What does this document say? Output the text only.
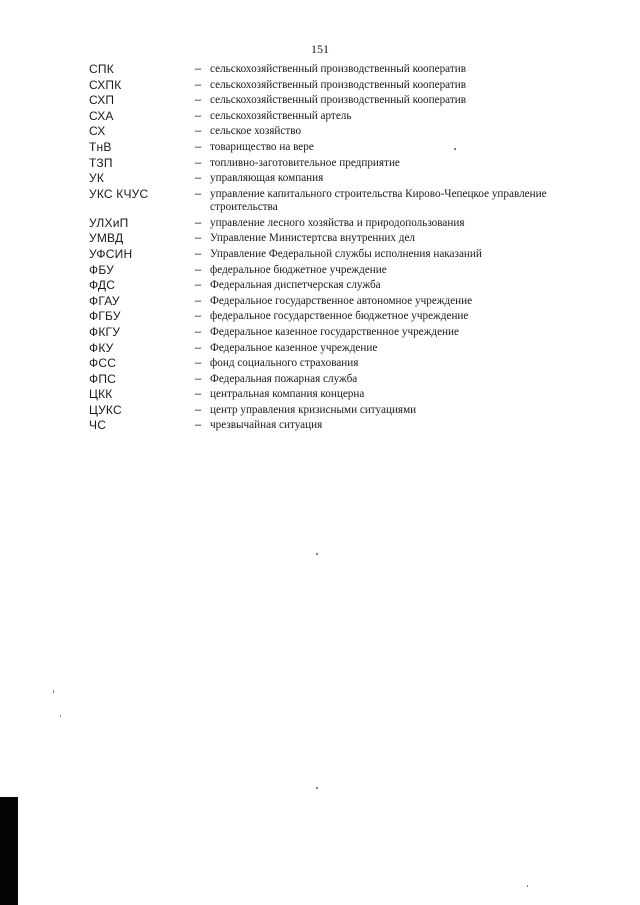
151
СПК	– сельскохозяйственный производственный кооператив
СХПК	– сельскохозяйственный производственный кооператив
СХП	– сельскохозяйственный производственный кооператив
СХА	– сельскохозяйственный артель
СХ	– сельское хозяйство
ТнВ	– товарищество на вере
ТЗП	– топливно-заготовительное предприятие
УК	– управляющая компания
УКС КЧУС	– управление капитального строительства Кирово-Чепецкое управление строительства
УЛХиП	– управление лесного хозяйства и природопользования
УМВД	– Управление Министертсва внутренних дел
УФСИН	– Управление Федеральной службы исполнения наказаний
ФБУ	– федеральное бюджетное учреждение
ФДС	– Федеральная диспетчерская служба
ФГАУ	– Федеральное государственное автономное учреждение
ФГБУ	– федеральное государственное бюджетное учреждение
ФКГУ	– Федеральное казенное государственное учреждение
ФКУ	– Федеральное казенное учреждение
ФСС	– фонд социального страхования
ФПС	– Федеральная пожарная служба
ЦКК	– центральная компания концерна
ЦУКС	– центр управления кризисными ситуациями
ЧС	– чрезвычайная ситуация
